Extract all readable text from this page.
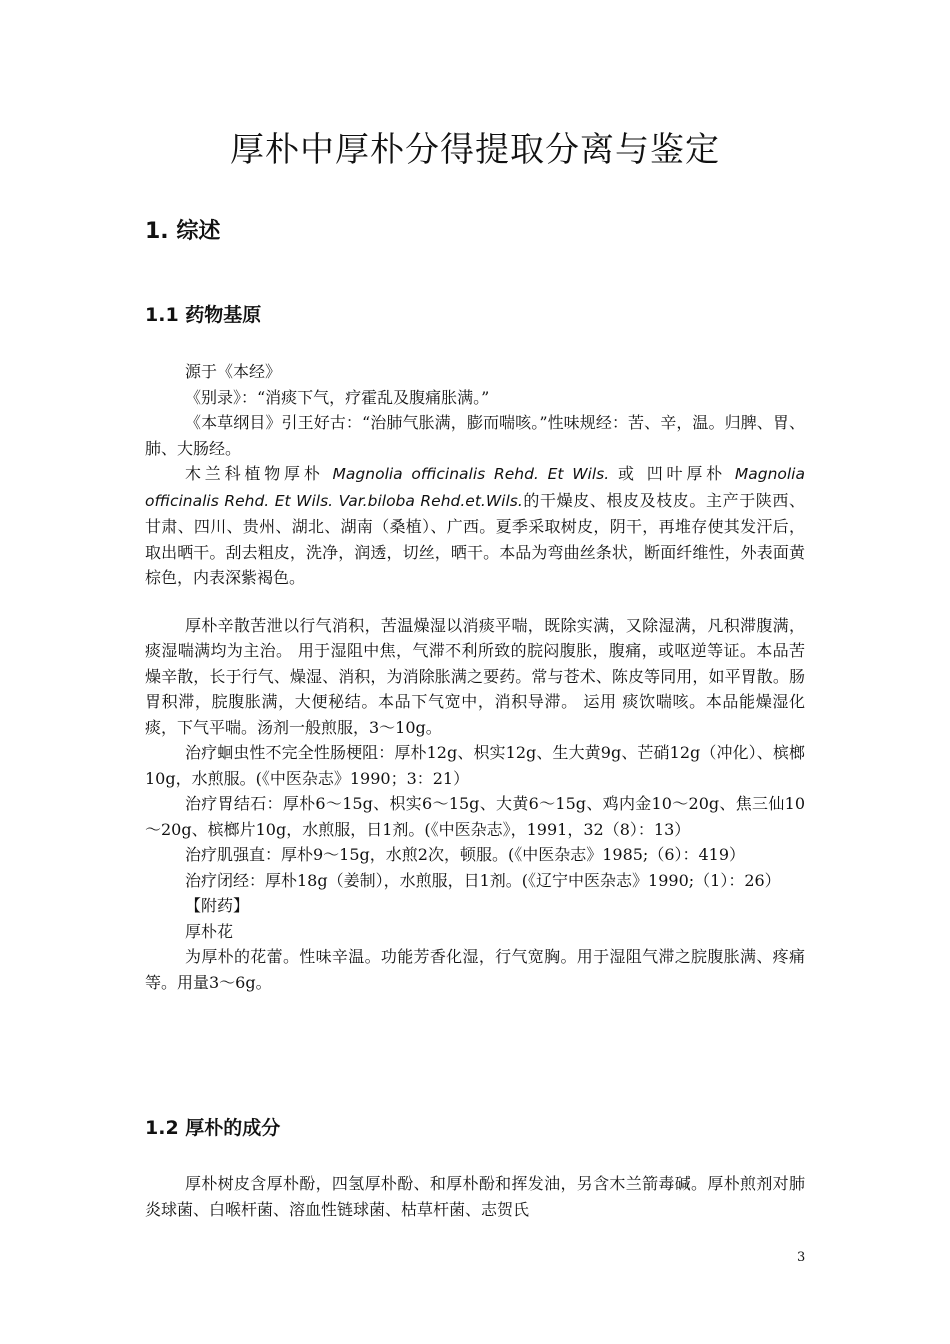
厚朴中厚朴分得提取分离与鉴定
1. 综述
1.1 药物基原

源于《本经》

《别录》：“消痰下气，疗霍乱及腹痛胀满。”

《本草纲目》引王好古：“治肺气胀满，膨而喘咳。”性味规经：苦、辛，温。归脾、胃、肺、大肠经。

木兰科植物厚朴 Magnolia officinalis Rehd. Et Wils. 或 凹叶厚朴 Magnolia officinalis Rehd. Et Wils. Var.biloba Rehd.et.Wils.的干燥皮、根皮及枝皮。主产于陕西、甘肃、四川、贵州、湖北、湖南（桑植）、广西。夏季采取树皮，阴干，再堆存使其发汗后，取出晒干。刮去粗皮，洗净，润透，切丝，晒干。本品为弯曲丝条状，断面纤维性，外表面黄棕色，内表深紫褐色。

厚朴辛散苦泄以行气消积，苦温燥湿以消痰平喘，既除实满，又除湿满，凡积滞腹满，痰湿喘满均为主治。 用于湿阻中焦，气滞不利所致的脘闷腹胀，腹痛，或呕逆等证。本品苦燥辛散，长于行气、燥湿、消积，为消除胀满之要药。常与苍术、陈皮等同用，如平胃散。肠胃积滞，脘腹胀满，大便秘结。本品下气宽中，消积导滞。 运用 痰饮喘咳。本品能燥湿化痰，下气平喘。汤剂一般煎服，3～10g。

治疗蛔虫性不完全性肠梗阻：厚朴12g、枳实12g、生大黄9g、芒硝12g（冲化）、槟榔10g，水煎服。(《中医杂志》1990；3：21）

治疗胃结石：厚朴6～15g、枳实6～15g、大黄6～15g、鸡内金10～20g、焦三仙10～20g、槟榔片10g，水煎服，日1剂。(《中医杂志》，1991，32（8）：13）

治疗肌强直：厚朴9～15g，水煎2次，顿服。(《中医杂志》1985;（6）：419）

治疗闭经：厚朴18g（姜制），水煎服，日1剂。(《辽宁中医杂志》1990;（1）：26）

【附药】

厚朴花

为厚朴的花蕾。性味辛温。功能芳香化湿，行气宽胸。用于湿阻气滞之脘腹胀满、疼痛等。用量3～6g。

1.2 厚朴的成分

厚朴树皮含厚朴酚，四氢厚朴酚、和厚朴酚和挥发油，另含木兰箭毒碱。厚朴煎剂对肺炎球菌、白喉杆菌、溶血性链球菌、枯草杆菌、志贺氏

3
